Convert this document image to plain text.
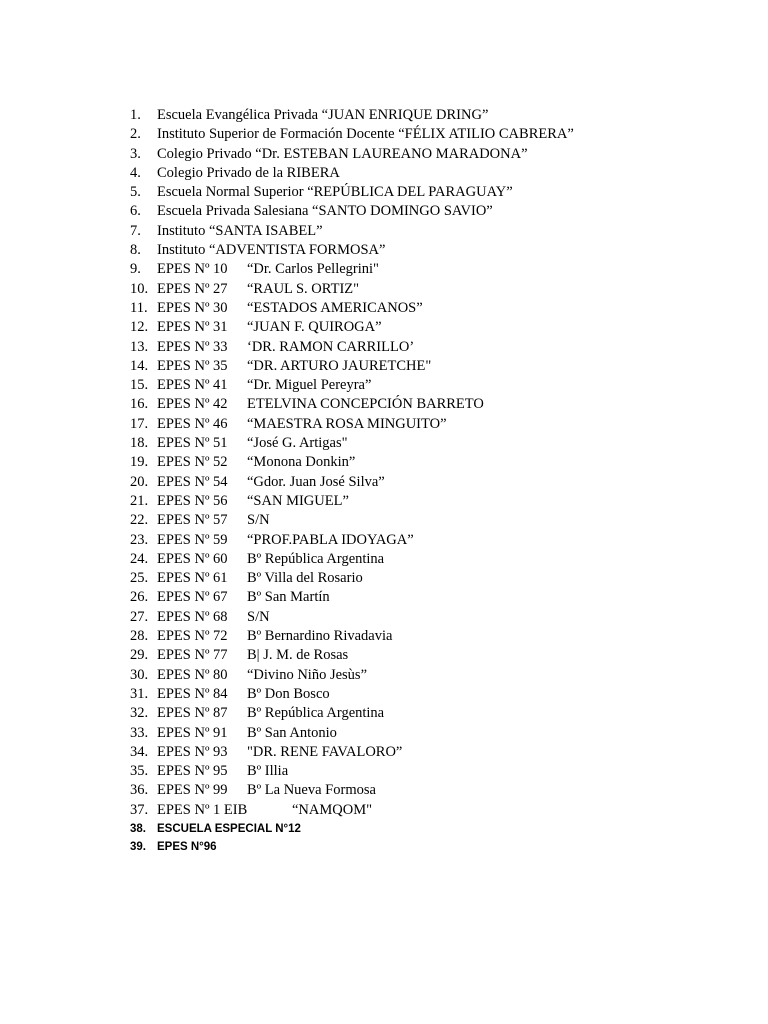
1. Escuela Evangélica Privada “JUAN ENRIQUE DRING”
2. Instituto Superior de Formación Docente “FÉLIX ATILIO CABRERA”
3. Colegio Privado “Dr. ESTEBAN LAUREANO MARADONA”
4. Colegio Privado de la RIBERA
5. Escuela Normal Superior “REPÚBLICA DEL PARAGUAY”
6. Escuela Privada Salesiana “SANTO DOMINGO SAVIO”
7. Instituto “SANTA ISABEL”
8. Instituto “ADVENTISTA FORMOSA”
9. EPES Nº 10 “Dr. Carlos Pellegrini"
10. EPES Nº 27 “RAUL S. ORTIZ"
11. EPES Nº 30 “ESTADOS AMERICANOS”
12. EPES Nº 31 “JUAN F. QUIROGA”
13. EPES Nº 33 ‘DR. RAMON CARRILLO’
14. EPES Nº 35 “DR. ARTURO JAURETCHE"
15. EPES Nº 41 “Dr. Miguel Pereyra”
16. EPES Nº 42 ETELVINA CONCEPCIÓN BARRETO
17. EPES Nº 46 “MAESTRA ROSA MINGUITO”
18. EPES Nº 51 “José G. Artigas"
19. EPES Nº 52 “Monona Donkin”
20. EPES Nº 54 “Gdor. Juan José Silva”
21. EPES Nº 56 “SAN MIGUEL”
22. EPES Nº 57 S/N
23. EPES Nº 59 “PROF.PABLA IDOYAGA”
24. EPES Nº 60 Bº República Argentina
25. EPES Nº 61 Bº Villa del Rosario
26. EPES Nº 67 Bº San Martín
27. EPES Nº 68 S/N
28. EPES Nº 72 Bº Bernardino Rivadavia
29. EPES Nº 77 B| J. M. de Rosas
30. EPES Nº 80 “Divino Niño Jesùs”
31. EPES Nº 84 Bº Don Bosco
32. EPES Nº 87 Bº República Argentina
33. EPES Nº 91 Bº San Antonio
34. EPES Nº 93 "DR. RENE FAVALORO”
35. EPES Nº 95 Bº Illia
36. EPES Nº 99 Bº La Nueva Formosa
37. EPES Nº 1 EIB	“NAMQOM"
38. ESCUELA ESPECIAL N°12
39. EPES N°96
